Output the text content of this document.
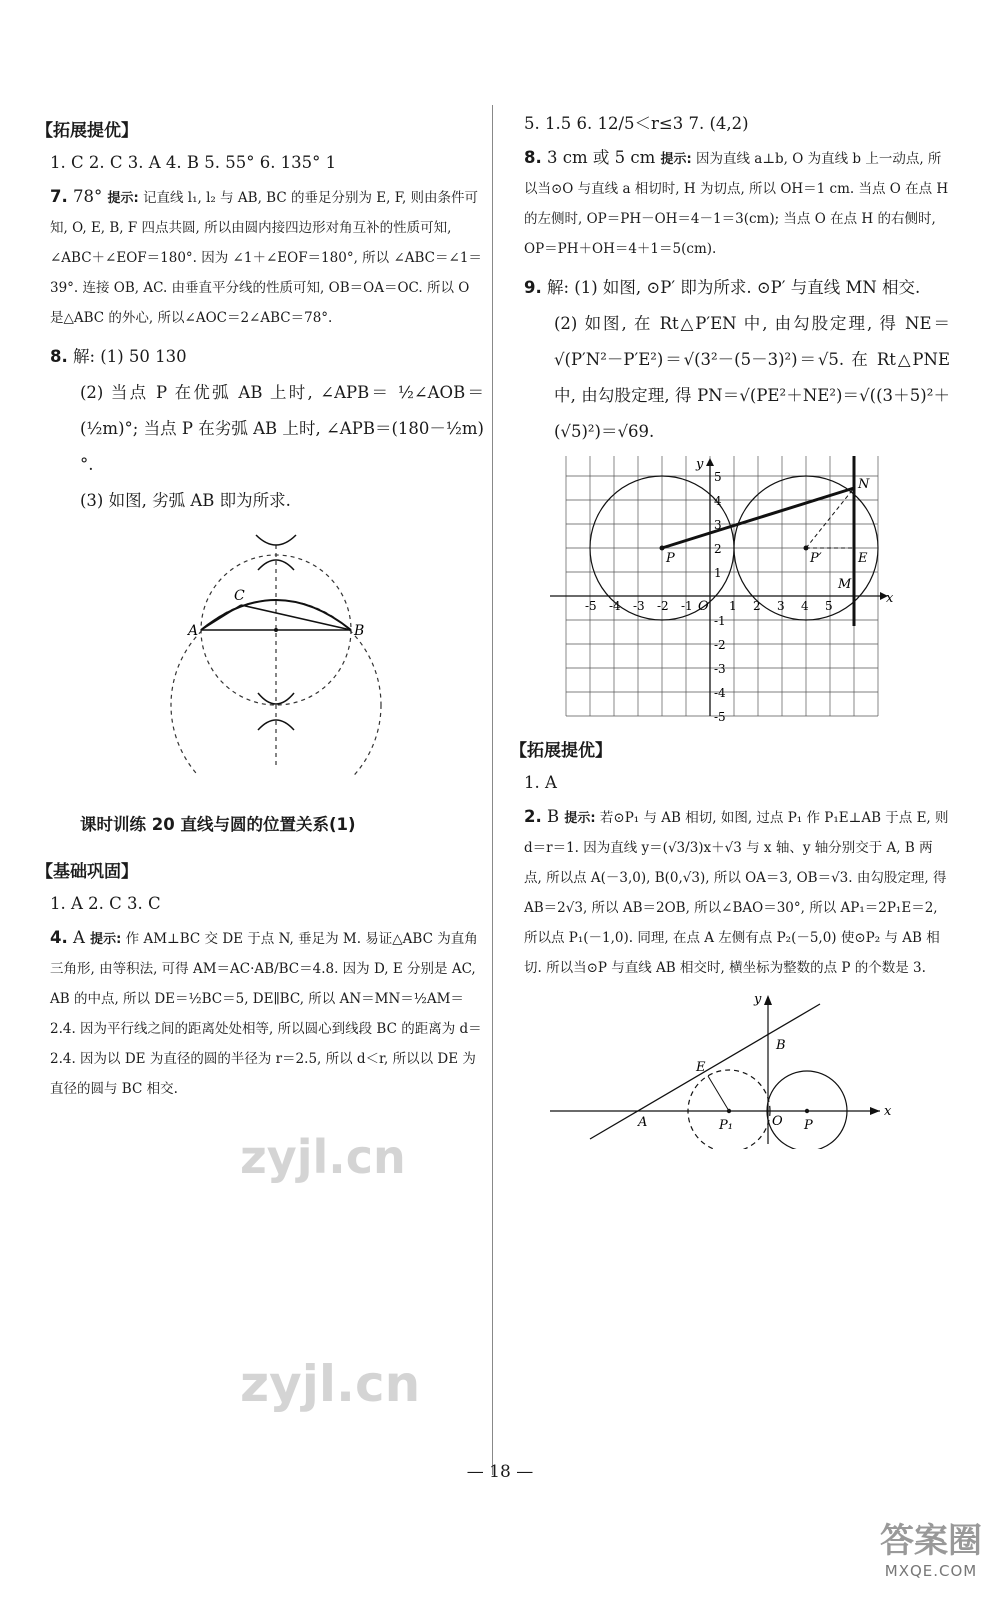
【拓展提优】
1. C 2. C 3. A 4. B 5. 55° 6. 135° 1
7. 78° 提示: 记直线 l₁, l₂ 与 AB, BC 的垂足分别为 E, F, 则由条件可知, O, E, B, F 四点共圆, 所以由圆内接四边形对角互补的性质可知, ∠ABC＋∠EOF＝180°. 因为 ∠1＋∠EOF＝180°, 所以 ∠ABC＝∠1＝39°. 连接 OB, AC. 由垂直平分线的性质可知, OB＝OA＝OC. 所以 O 是△ABC 的外心, 所以∠AOC＝2∠ABC＝78°.
8. 解: (1) 50 130
(2) 当点 P 在优弧 AB 上时, ∠APB＝ ½∠AOB＝(½m)°; 当点 P 在劣弧 AB 上时, ∠APB＝(180－½m)°.
(3) 如图, 劣弧 AB 即为所求.
A	B
C
课时训练 20 直线与圆的位置关系(1)
【基础巩固】
1. A 2. C 3. C
4. A 提示: 作 AM⊥BC 交 DE 于点 N, 垂足为 M. 易证△ABC 为直角三角形, 由等积法, 可得 AM＝AC·AB/BC＝4.8. 因为 D, E 分别是 AC, AB 的中点, 所以 DE＝½BC＝5, DE∥BC, 所以 AN＝MN＝½AM＝2.4. 因为平行线之间的距离处处相等, 所以圆心到线段 BC 的距离为 d＝2.4. 因为以 DE 为直径的圆的半径为 r＝2.5, 所以 d＜r, 所以以 DE 为直径的圆与 BC 相交.
5. 1.5 6. 12/5＜r≤3 7. (4,2)
8. 3 cm 或 5 cm 提示: 因为直线 a⊥b, O 为直线 b 上一动点, 所以当⊙O 与直线 a 相切时, H 为切点, 所以 OH＝1 cm. 当点 O 在点 H 的左侧时, OP＝PH－OH＝4－1＝3(cm); 当点 O 在点 H 的右侧时, OP＝PH＋OH＝4＋1＝5(cm).
9. 解: (1) 如图, ⊙P′ 即为所求. ⊙P′ 与直线 MN 相交.
(2) 如图, 在 Rt△P′EN 中, 由勾股定理, 得 NE＝√(P′N²－P′E²)＝√(3²－(5－3)²)＝√5. 在 Rt△PNE 中, 由勾股定理, 得 PN＝√(PE²＋NE²)＝√((3＋5)²＋(√5)²)＝√69.
P	P′
N
E
M
x
y
O
-5 -4 -3 -2 -1	1 2 3 4 5
5
4
3
2
1
-1
-2
-3
-4
-5
【拓展提优】
1. A
2. B 提示: 若⊙P₁ 与 AB 相切, 如图, 过点 P₁ 作 P₁E⊥AB 于点 E, 则 d＝r＝1. 因为直线 y＝(√3/3)x＋√3 与 x 轴、y 轴分别交于 A, B 两点, 所以点 A(－3,0), B(0,√3), 所以 OA＝3, OB＝√3. 由勾股定理, 得 AB＝2√3, 所以 AB＝2OB, 所以∠BAO＝30°, 所以 AP₁＝2P₁E＝2, 所以点 P₁(－1,0). 同理, 在点 A 左侧有点 P₂(－5,0) 使⊙P₂ 与 AB 相切. 所以当⊙P 与直线 AB 相交时, 横坐标为整数的点 P 的个数是 3.
A
B
E
P₁	O P
x
y
— 18 —
zyjl.cn
zyjl.cn
答案圈
MXQE.COM
